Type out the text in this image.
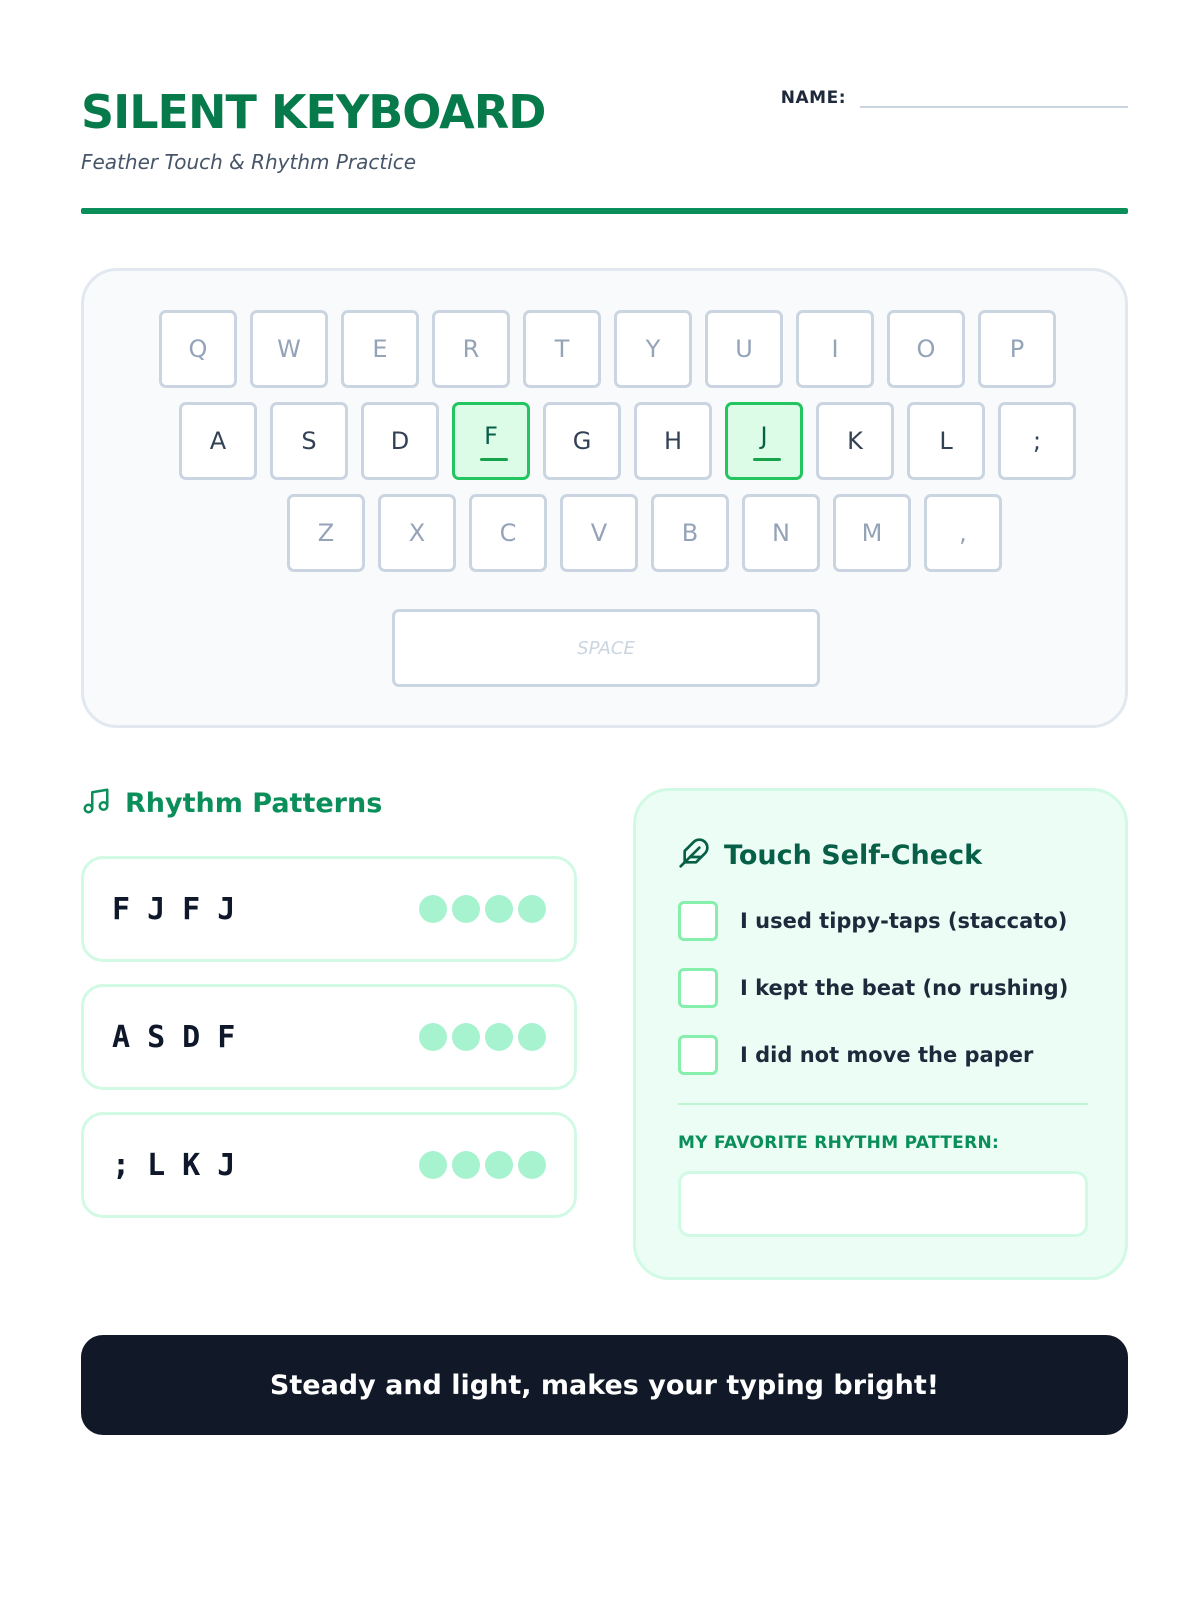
SILENT KEYBOARD
Feather Touch & Rhythm Practice
NAME:
Q	W	E	R	T	Y	U	I	O	P
A	S	D	F	G	H	J	K	L	;
Z	X	C	V	B	N	M	,
SPACE
Rhythm Patterns
F J F J
A S D F
; L K J
Touch Self-Check
I used tippy-taps (staccato)
I kept the beat (no rushing)
I did not move the paper
MY FAVORITE RHYTHM PATTERN:
Steady and light, makes your typing bright!
